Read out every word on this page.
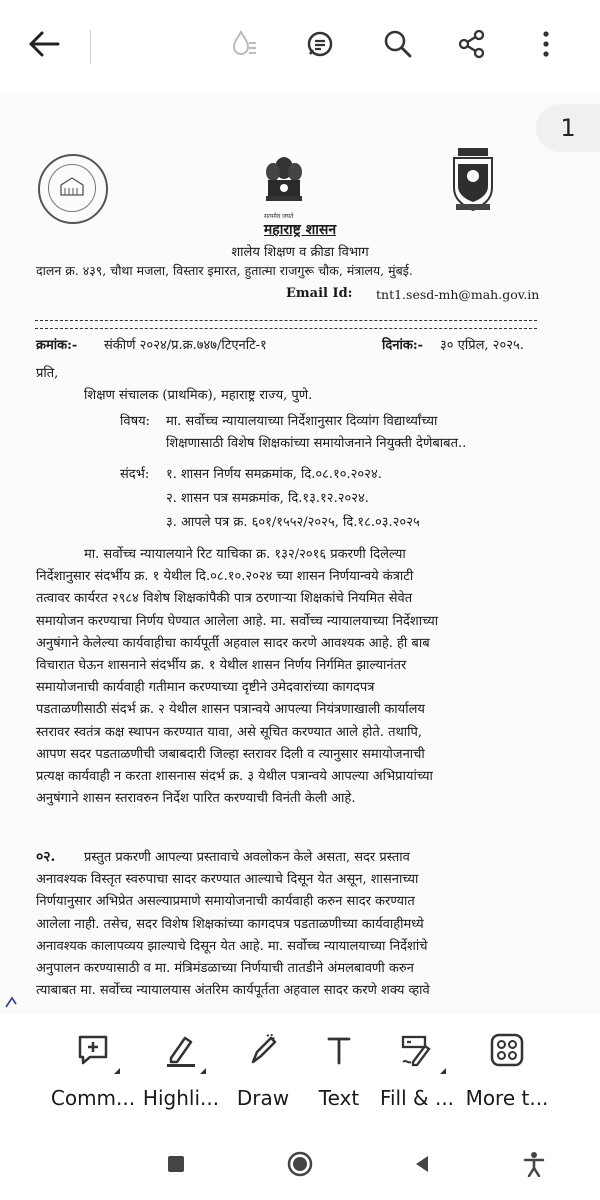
सत्यमेव जयते
महाराष्ट्र शासन
शालेय शिक्षण व क्रीडा विभाग
दालन क्र. ४३९, चौथा मजला, विस्तार इमारत, हुतात्मा राजगुरू चौक, मंत्रालय, मुंबई.
Email Id: tnt1.sesd-mh@mah.gov.in
क्रमांक:- संकीर्ण २०२४/प्र.क्र.७४७/टिएनटि-१	दिनांक:- ३० एप्रिल, २०२५.
प्रति,
शिक्षण संचालक (प्राथमिक), महाराष्ट्र राज्य, पुणे.
विषय: मा. सर्वोच्च न्यायालयाच्या निर्देशानुसार दिव्यांग विद्यार्थ्यांच्या
शिक्षणासाठी विशेष शिक्षकांच्या समायोजनाने नियुक्ती देणेबाबत..
संदर्भ: १. शासन निर्णय समक्रमांक, दि.०८.१०.२०२४.
२. शासन पत्र समक्रमांक, दि.१३.१२.२०२४.
३. आपले पत्र क्र. ६०१/१५५२/२०२५, दि.१८.०३.२०२५
मा. सर्वोच्च न्यायालयाने रिट याचिका क्र. १३२/२०१६ प्रकरणी दिलेल्या
निर्देशानुसार संदर्भीय क्र. १ येथील दि.०८.१०.२०२४ च्या शासन निर्णयान्वये कंत्राटी
तत्वावर कार्यरत २९८४ विशेष शिक्षकांपैकी पात्र ठरणाऱ्या शिक्षकांचे नियमित सेवेत
समायोजन करण्याचा निर्णय घेण्यात आलेला आहे. मा. सर्वोच्च न्यायालयाच्या निर्देशाच्या
अनुषंगाने केलेल्या कार्यवाहीचा कार्यपूर्ती अहवाल सादर करणे आवश्यक आहे. ही बाब
विचारात घेऊन शासनाने संदर्भीय क्र. १ येथील शासन निर्णय निर्गमित झाल्यानंतर
समायोजनाची कार्यवाही गतीमान करण्याच्या दृष्टीने उमेदवारांच्या कागदपत्र
पडताळणीसाठी संदर्भ क्र. २ येथील शासन पत्रान्वये आपल्या नियंत्रणाखाली कार्यालय
स्तरावर स्वतंत्र कक्ष स्थापन करण्यात यावा, असे सूचित करण्यात आले होते. तथापि,
आपण सदर पडताळणीची जबाबदारी जिल्हा स्तरावर दिली व त्यानुसार समायोजनाची
प्रत्यक्ष कार्यवाही न करता शासनास संदर्भ क्र. ३ येथील पत्रान्वये आपल्या अभिप्रायांच्या
अनुषंगाने शासन स्तरावरुन निर्देश पारित करण्याची विनंती केली आहे.
०२.	प्रस्तुत प्रकरणी आपल्या प्रस्तावाचे अवलोकन केले असता, सदर प्रस्ताव
अनावश्यक विस्तृत स्वरुपाचा सादर करण्यात आल्याचे दिसून येत असून, शासनाच्या
निर्णयानुसार अभिप्रेत असल्याप्रमाणे समायोजनाची कार्यवाही करुन सादर करण्यात
आलेला नाही. तसेच, सदर विशेष शिक्षकांच्या कागदपत्र पडताळणीच्या कार्यवाहीमध्ये
अनावश्यक कालापव्यय झाल्याचे दिसून येत आहे. मा. सर्वोच्च न्यायालयाच्या निर्देशांचे
अनुपालन करण्यासाठी व मा. मंत्रिमंडळाच्या निर्णयाची तातडीने अंमलबावणी करुन
त्याबाबत मा. सर्वोच्च न्यायालयास अंतरिम कार्यपूर्तता अहवाल सादर करणे शक्य व्हावे
1
Comm... Highli... Draw	Text	Fill & ... More t...
